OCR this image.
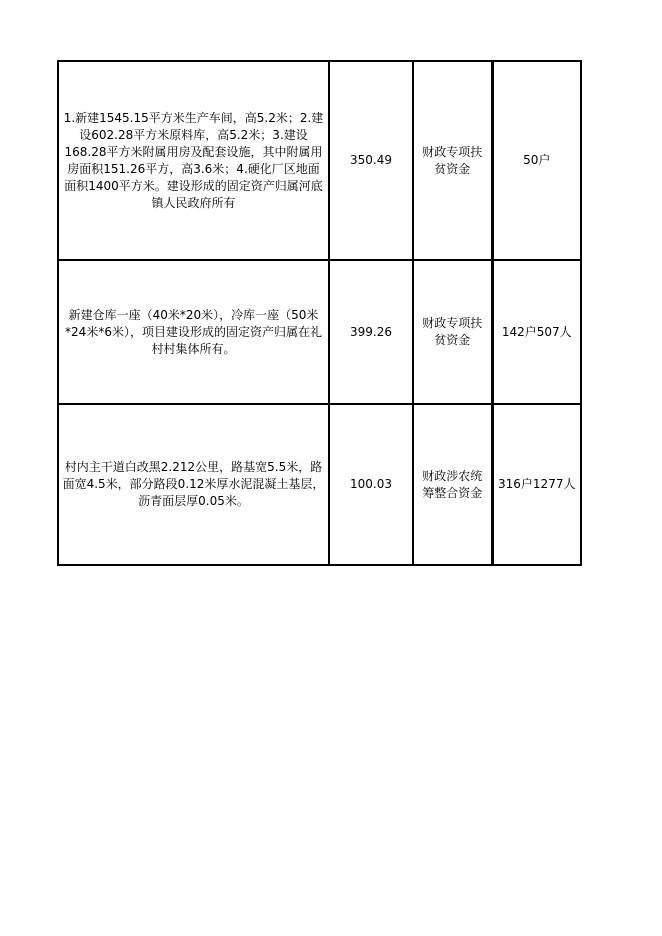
1.新建1545.15平方米生产车间，高5.2米；2.建设602.28平方米原料库，高5.2米；3.建设168.28平方米附属用房及配套设施，其中附属用房面积151.26平方，高3.6米；4.硬化厂区地面面积1400平方米。建设形成的固定资产归属河底镇人民政府所有	350.49	财政专项扶贫资金	50户
新建仓库一座（40米*20米），冷库一座（50米*24米*6米），项目建设形成的固定资产归属在礼村村集体所有。	399.26	财政专项扶贫资金	142户507人
村内主干道白改黑2.212公里，路基宽5.5米，路面宽4.5米，部分路段0.12米厚水泥混凝土基层，沥青面层厚0.05米。	100.03	财政涉农统筹整合资金	316户1277人
